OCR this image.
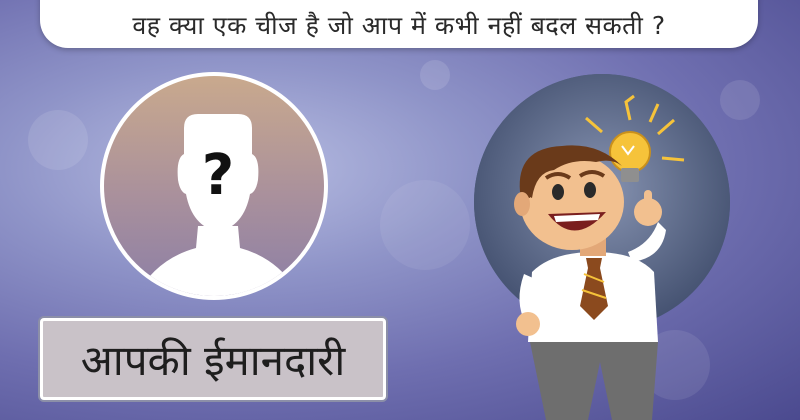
वह क्या एक चीज है जो आप में कभी नहीं बदल सकती ?
?
आपकी ईमानदारी
